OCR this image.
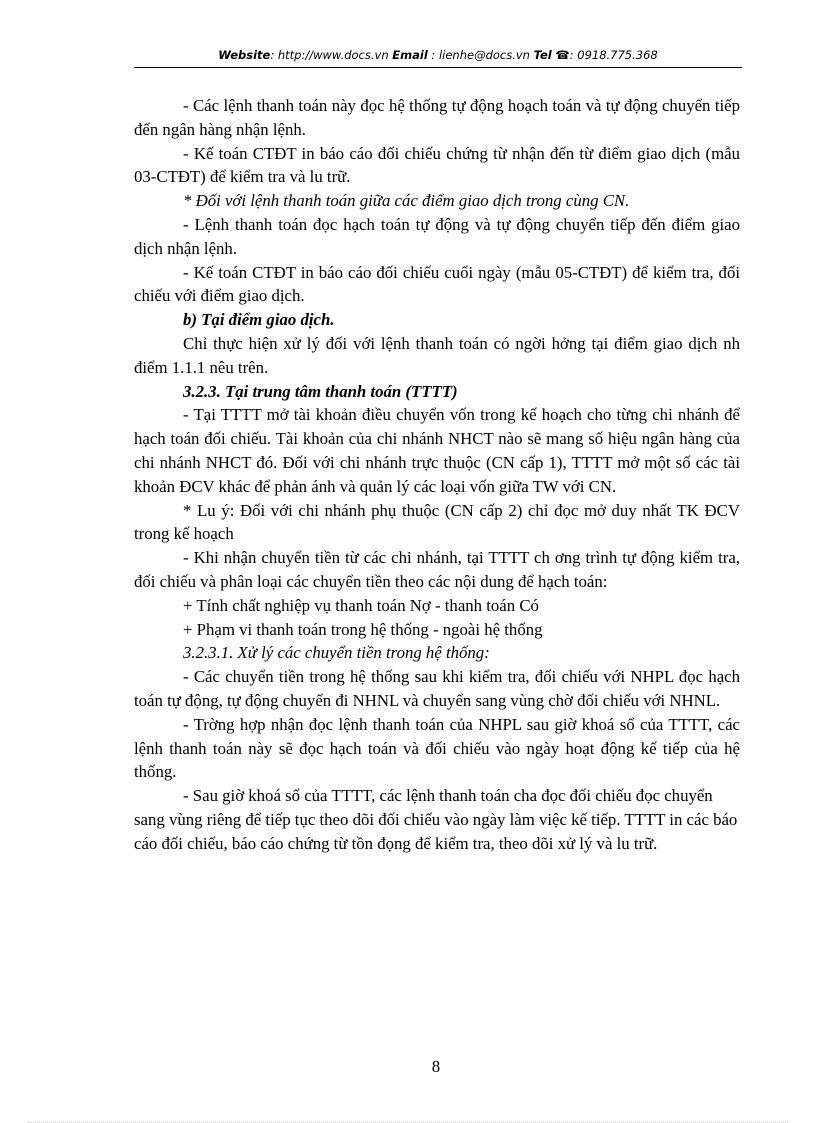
Website: http://www.docs.vn Email : lienhe@docs.vn Tel ☎: 0918.775.368

- Các lệnh thanh toán này đọc hệ thống tự động hoạch toán và tự động chuyển tiếp đến ngân hàng nhận lệnh.

- Kế toán CTĐT in báo cáo đối chiếu chứng từ nhận đến từ điểm giao dịch (mẫu 03-CTĐT) để kiểm tra và lu trữ.

* Đối với lệnh thanh toán giữa các điểm giao dịch trong cùng CN.

- Lệnh thanh toán đọc hạch toán tự động và tự động chuyển tiếp đến điểm giao dịch nhận lệnh.

- Kế toán CTĐT in báo cáo đối chiếu cuối ngày (mẫu 05-CTĐT) để kiểm tra, đối chiếu với điểm giao dịch.

b) Tại điểm giao dịch.

Chỉ thực hiện xử lý đối với lệnh thanh toán có ngời hởng tại điểm giao dịch nh điểm 1.1.1 nêu trên.

3.2.3. Tại trung tâm thanh toán (TTTT)

- Tại TTTT mở tài khoản điều chuyển vốn trong kế hoạch cho từng chi nhánh để hạch toán đối chiếu. Tài khoản của chi nhánh NHCT nào sẽ mang số hiệu ngân hàng của chi nhánh NHCT đó. Đối với chi nhánh trực thuộc (CN cấp 1), TTTT mở một số các tài khoản ĐCV khác để phản ánh và quản lý các loại vốn giữa TW với CN.

* Lu ý: Đối với chi nhánh phụ thuộc (CN cấp 2) chỉ đọc mở duy nhất TK ĐCV trong kế hoạch

- Khi nhận chuyển tiền từ các chi nhánh, tại TTTT ch ơng trình tự động kiểm tra, đối chiếu và phân loại các chuyển tiền theo các nội dung để hạch toán:

+ Tính chất nghiệp vụ thanh toán Nợ - thanh toán Có

+ Phạm vi thanh toán trong hệ thống - ngoài hệ thống

3.2.3.1. Xử lý các chuyển tiền trong hệ thống:

- Các chuyển tiền trong hệ thống sau khi kiểm tra, đối chiếu với NHPL đọc hạch toán tự động, tự động chuyển đi NHNL và chuyển sang vùng chờ đối chiếu với NHNL.

- Trờng hợp nhận đọc lệnh thanh toán của NHPL sau giờ khoá sổ của TTTT, các lệnh thanh toán này sẽ đọc hạch toán và đối chiếu vào ngày hoạt động kế tiếp của hệ thống.

- Sau giờ khoá sổ của TTTT, các lệnh thanh toán cha đọc đối chiếu đọc chuyển sang vùng riêng để tiếp tục theo dõi đối chiếu vào ngày làm việc kế tiếp. TTTT in các báo cáo đối chiếu, báo cáo chứng từ tồn đọng để kiểm tra, theo dõi xử lý và lu trữ.

8
